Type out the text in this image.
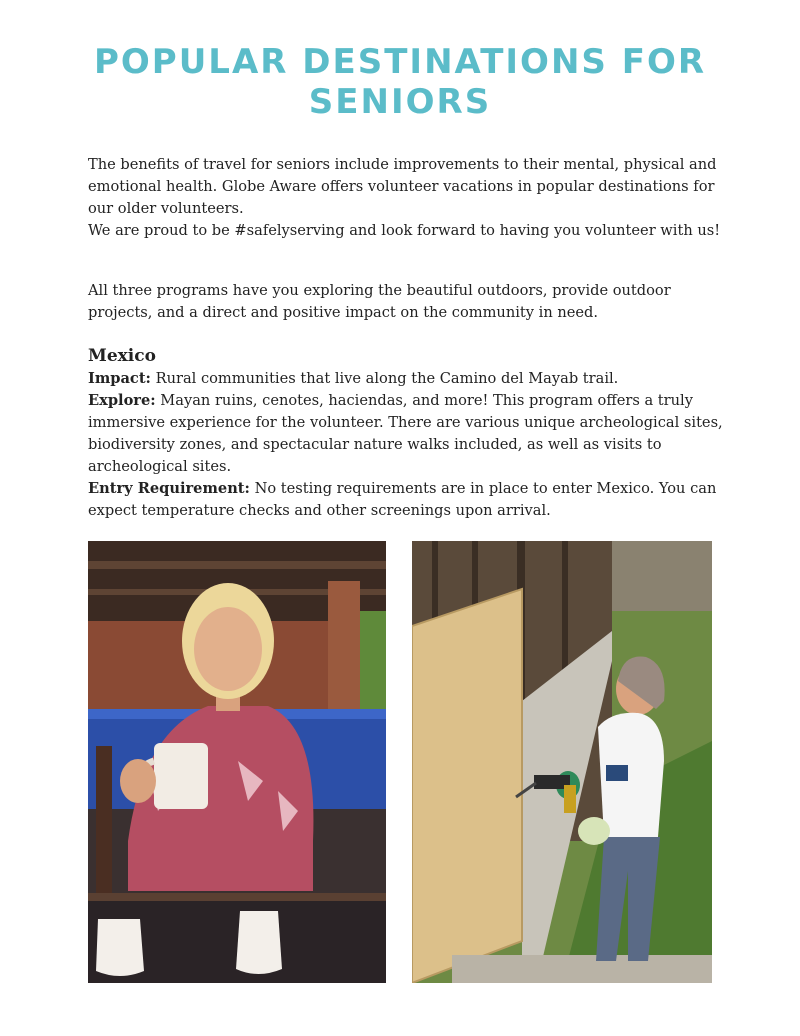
POPULAR DESTINATIONS FOR
SENIORS

The benefits of travel for seniors include improvements to their mental, physical and emotional health. Globe Aware offers volunteer vacations in popular destinations for our older volunteers.

We are proud to be #safelyserving and look forward to having you volunteer with us!

All three programs have you exploring the beautiful outdoors, provide outdoor projects, and a direct and positive impact on the community in need.

Mexico

Impact: Rural communities that live along the Camino del Mayab trail.

Explore: Mayan ruins, cenotes, haciendas, and more! This program offers a truly immersive experience for the volunteer. There are various unique archeological sites, biodiversity zones, and spectacular nature walks included, as well as visits to archeological sites.

Entry Requirement: No testing requirements are in place to enter Mexico. You can expect temperature checks and other screenings upon arrival.
